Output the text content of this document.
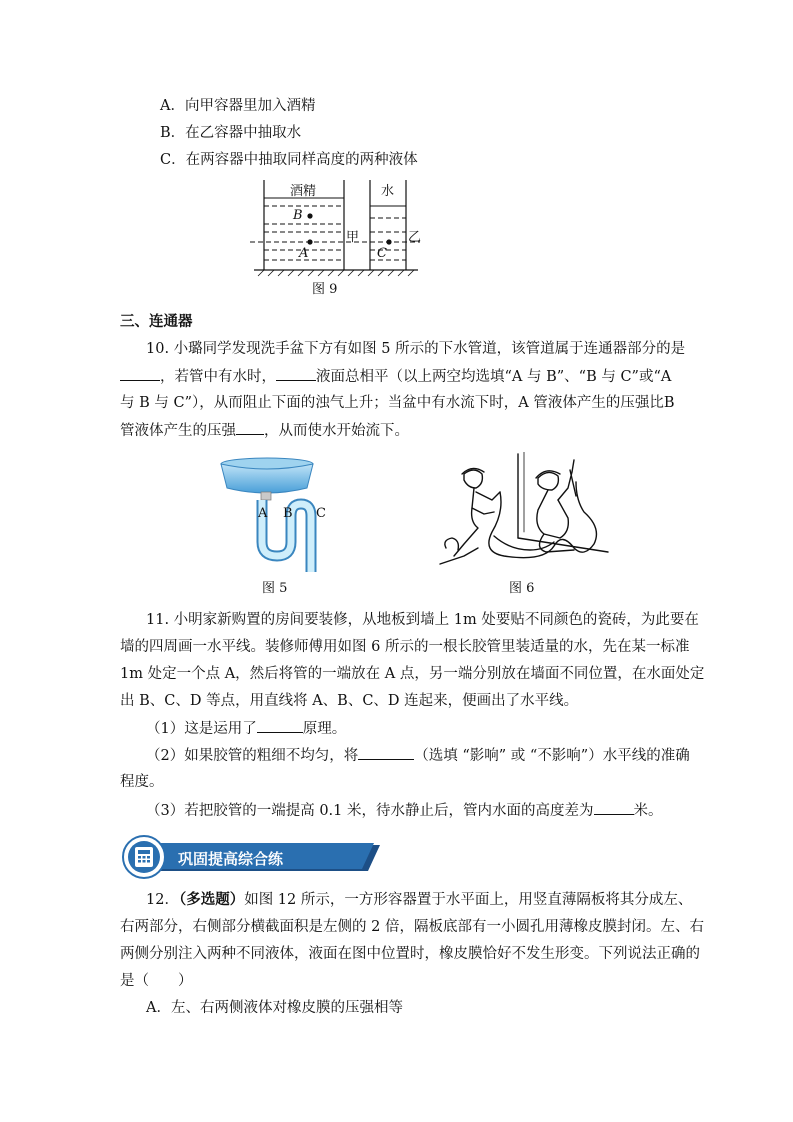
A．向甲容器里加入酒精
B．在乙容器中抽取水
C．在两容器中抽取同样高度的两种液体
酒精	水
甲	乙
B
A	C
图 9
三、连通器
10. 小璐同学发现洗手盆下方有如图 5 所示的下水管道，该管道属于连通器部分的是
，若管中有水时，	液面总相平（以上两空均选填“A 与 B”、“B 与 C”或“A
与 B 与 C”），从而阻止下面的浊气上升；当盆中有水流下时，A 管液体产生的压强比B
管液体产生的压强 ，从而使水开始流下。
A B C
图 5	图 6
11. 小明家新购置的房间要装修，从地板到墙上 1m 处要贴不同颜色的瓷砖，为此要在
墙的四周画一水平线。装修师傅用如图 6 所示的一根长胶管里装适量的水，先在某一标准
1m 处定一个点 A，然后将管的一端放在 A 点，另一端分别放在墙面不同位置，在水面处定
出 B、C、D 等点，用直线将 A、B、C、D 连起来，便画出了水平线。
（1）这是运用了	原理。
（2）如果胶管的粗细不均匀，将	（选填 “影响” 或 “不影响”）水平线的准确
程度。
（3）若把胶管的一端提高 0.1 米，待水静止后，管内水面的高度差为	米。
巩固提高综合练
12．（多选题）如图 12 所示，一方形容器置于水平面上，用竖直薄隔板将其分成左、
右两部分，右侧部分横截面积是左侧的 2 倍，隔板底部有一小圆孔用薄橡皮膜封闭。左、右
两侧分别注入两种不同液体，液面在图中位置时，橡皮膜恰好不发生形变。下列说法正确的
是（　　）
A．左、右两侧液体对橡皮膜的压强相等
